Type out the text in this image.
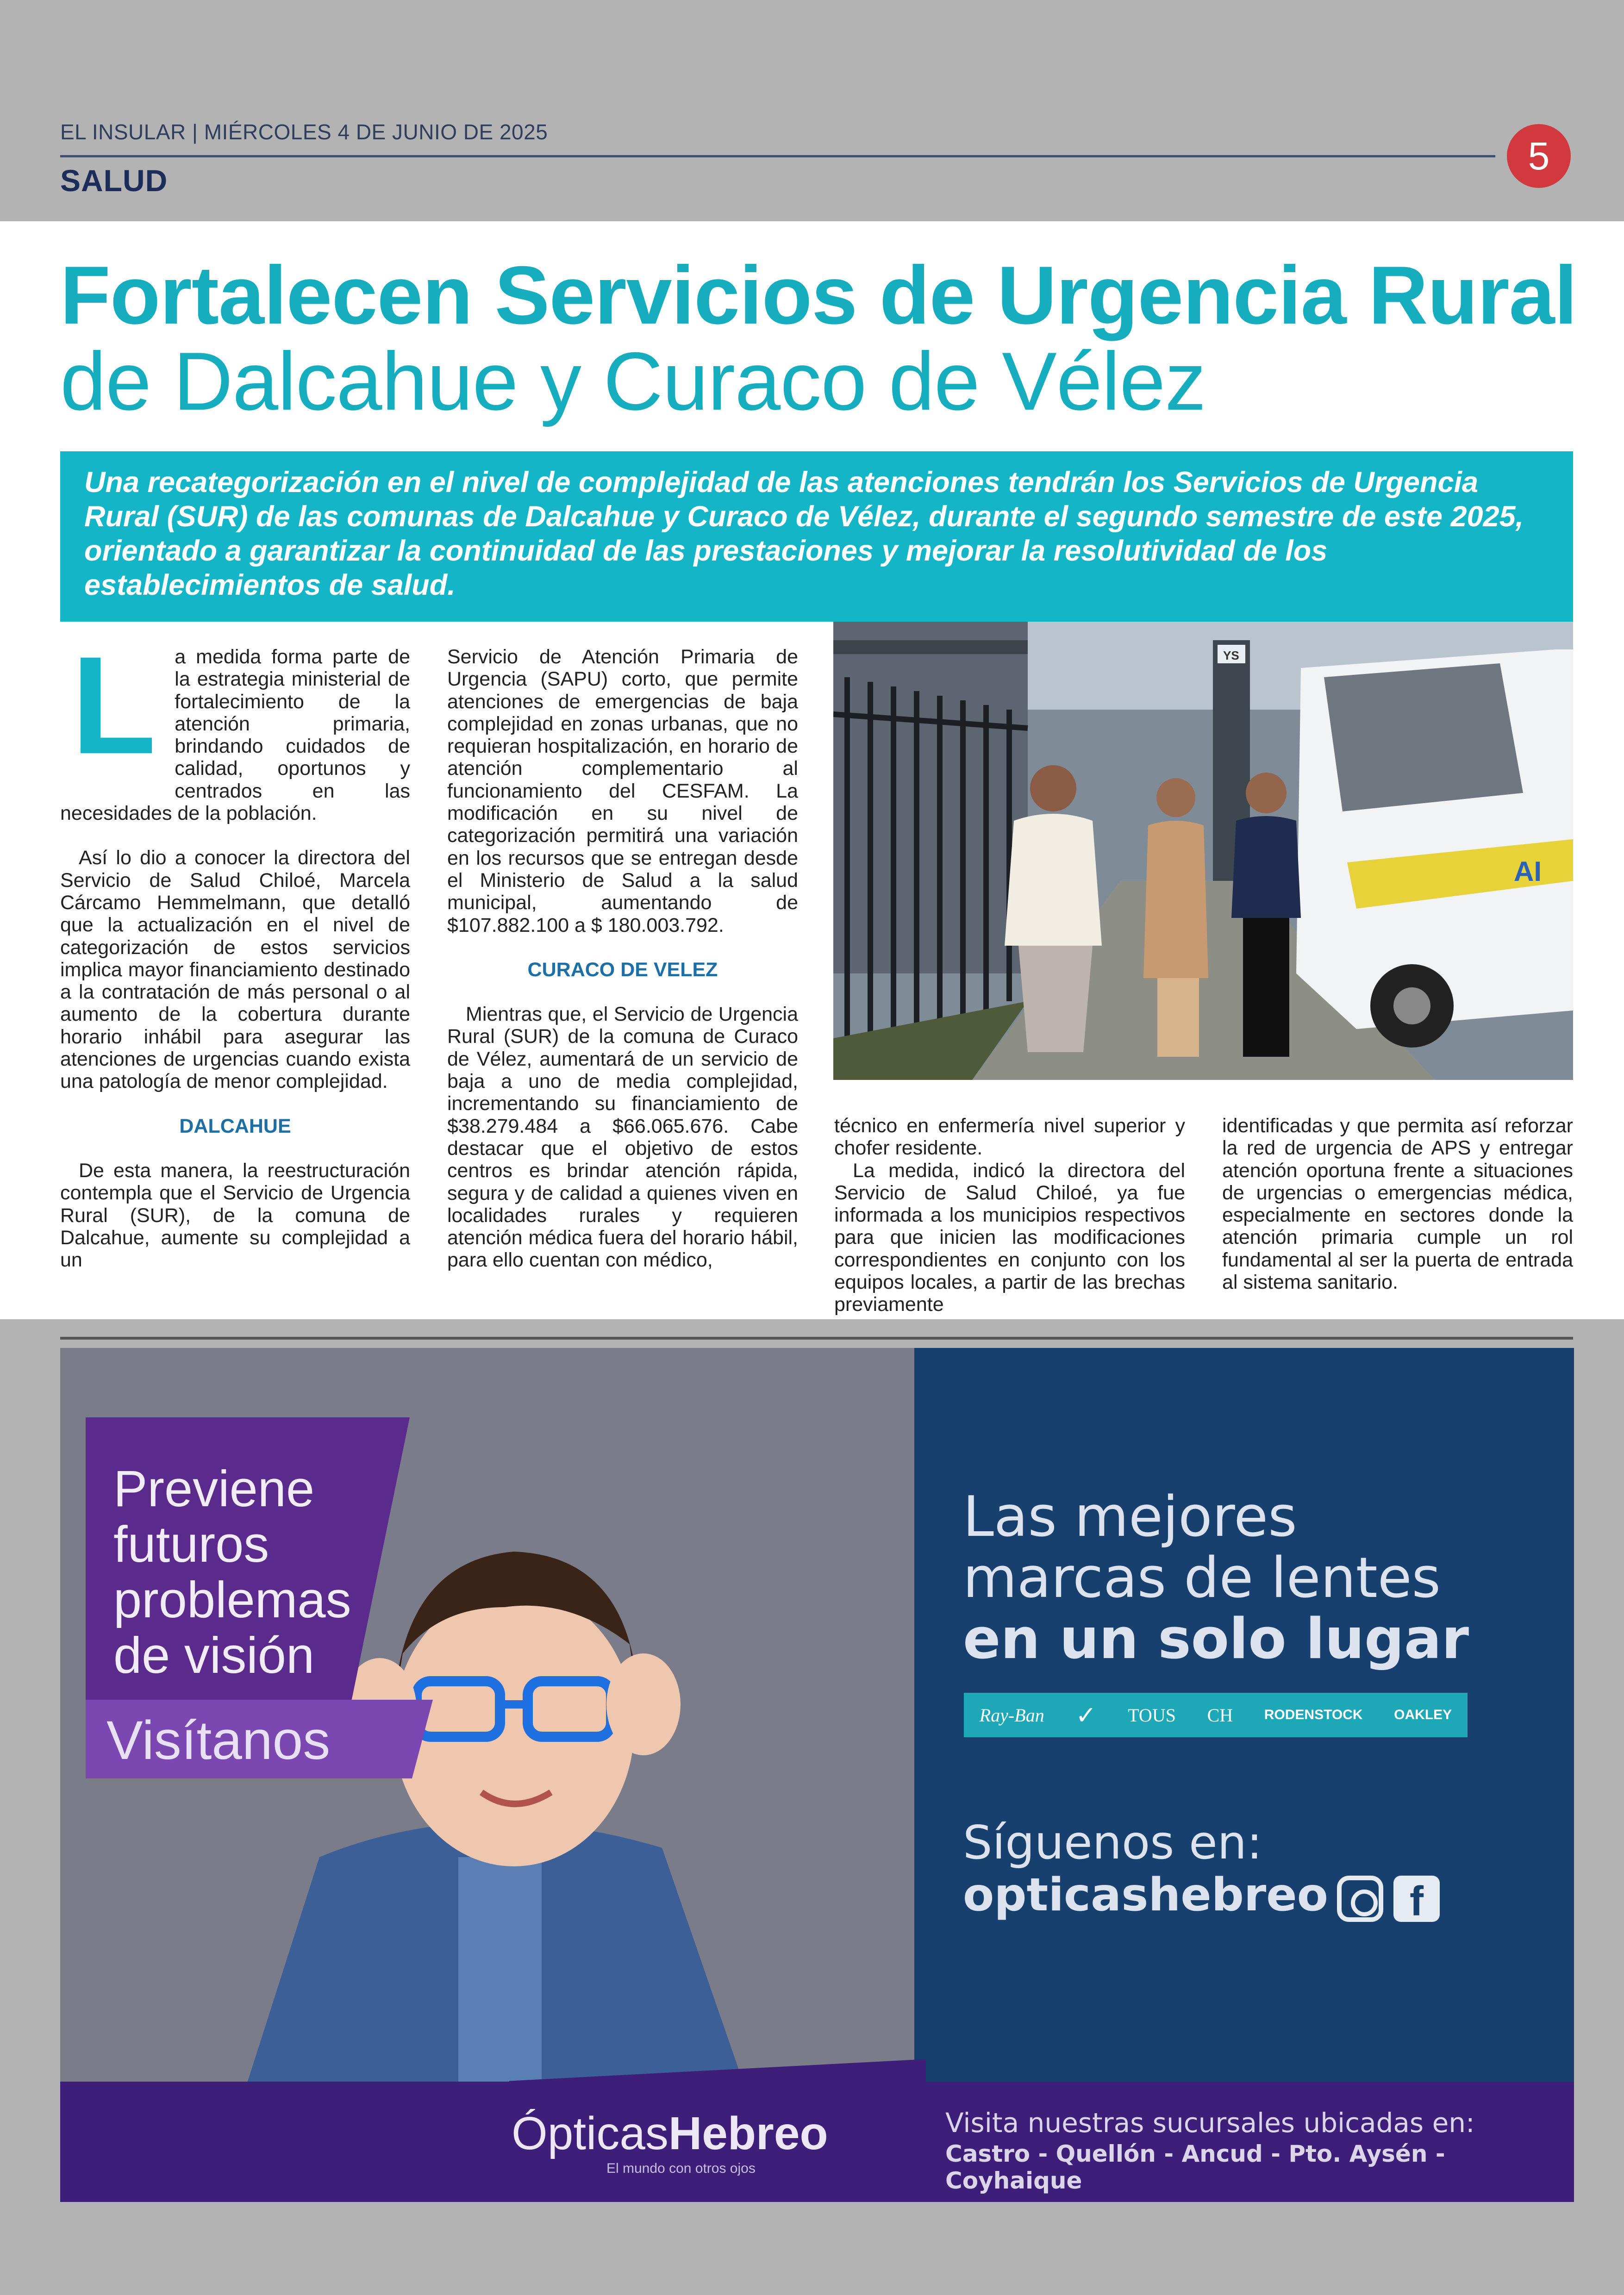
EL INSULAR | MIÉRCOLES 4 DE JUNIO DE 2025
SALUD
5
Fortalecen Servicios de Urgencia Rural de Dalcahue y Curaco de Vélez
Una recategorización en el nivel de complejidad de las atenciones tendrán los Servicios de Urgencia Rural (SUR) de las comunas de Dalcahue y Curaco de Vélez, durante el segundo semestre de este 2025, orientado a garantizar la continuidad de las prestaciones y mejorar la resolutividad de los establecimientos de salud.
L a medida forma parte de la estrategia ministerial de fortalecimiento de la atención primaria, brindando cuidados de calidad, oportunos y centrados en las necesidades de la población.

Así lo dio a conocer la directora del Servicio de Salud Chiloé, Marcela Cárcamo Hemmelmann, que detalló que la actualización en el nivel de categorización de estos servicios implica mayor financiamiento destinado a la contratación de más personal o al aumento de la cobertura durante horario inhábil para asegurar las atenciones de urgencias cuando exista una patología de menor complejidad.

DALCAHUE

De esta manera, la reestructuración contempla que el Servicio de Urgencia Rural (SUR), de la comuna de Dalcahue, aumente su complejidad a un

Servicio de Atención Primaria de Urgencia (SAPU) corto, que permite atenciones de emergencias de baja complejidad en zonas urbanas, que no requieran hospitalización, en horario de atención complementario al funcionamiento del CESFAM. La modificación en su nivel de categorización permitirá una variación en los recursos que se entregan desde el Ministerio de Salud a la salud municipal, aumentando de $107.882.100 a $ 180.003.792.

CURACO DE VELEZ

Mientras que, el Servicio de Urgencia Rural (SUR) de la comuna de Curaco de Vélez, aumentará de un servicio de baja a uno de media complejidad, incrementando su financiamiento de $38.279.484 a $66.065.676. Cabe destacar que el objetivo de estos centros es brindar atención rápida, segura y de calidad a quienes viven en localidades rurales y requieren atención médica fuera del horario hábil, para ello cuentan con médico,

YS
AI

técnico en enfermería nivel superior y chofer residente.

La medida, indicó la directora del Servicio de Salud Chiloé, ya fue informada a los municipios respectivos para que inicien las modificaciones correspondientes en conjunto con los equipos locales, a partir de las brechas previamente

identificadas y que permita así reforzar la red de urgencia de APS y entregar atención oportuna frente a situaciones de urgencias o emergencias médica, especialmente en sectores donde la atención primaria cumple un rol fundamental al ser la puerta de entrada al sistema sanitario.

Previene
futuros
problemas
de visión
Visítanos
Las mejores
marcas de lentes
en un solo lugar
Ray-Ban ✓ TOUS CH RODENSTOCK OAKLEY
Síguenos en:
opticashebreo	f
ÓpticasHebreo
El mundo con otros ojos
Visita nuestras sucursales ubicadas en:
Castro - Quellón - Ancud - Pto. Aysén - Coyhaique
